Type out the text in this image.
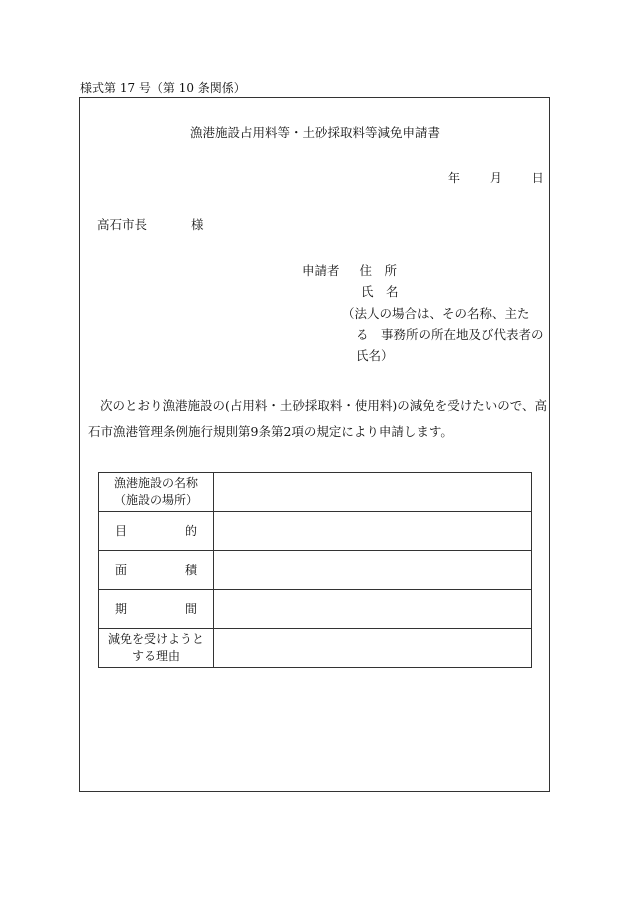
様式第 17 号（第 10 条関係）
漁港施設占用料等・土砂採取料等減免申請書
年 月 日
高石市長	様
申請者 住　所
氏　名
（法人の場合は、その名称、主た
る　事務所の所在地及び代表者の
氏名）
次のとおり漁港施設の(占用料・土砂採取料・使用料)の減免を受けたいので、高
石市漁港管理条例施行規則第9条第2項の規定により申請します。
漁港施設の名称
（施設の場所）	

目的	
面積	
期間	

減免を受けようと
する理由	
